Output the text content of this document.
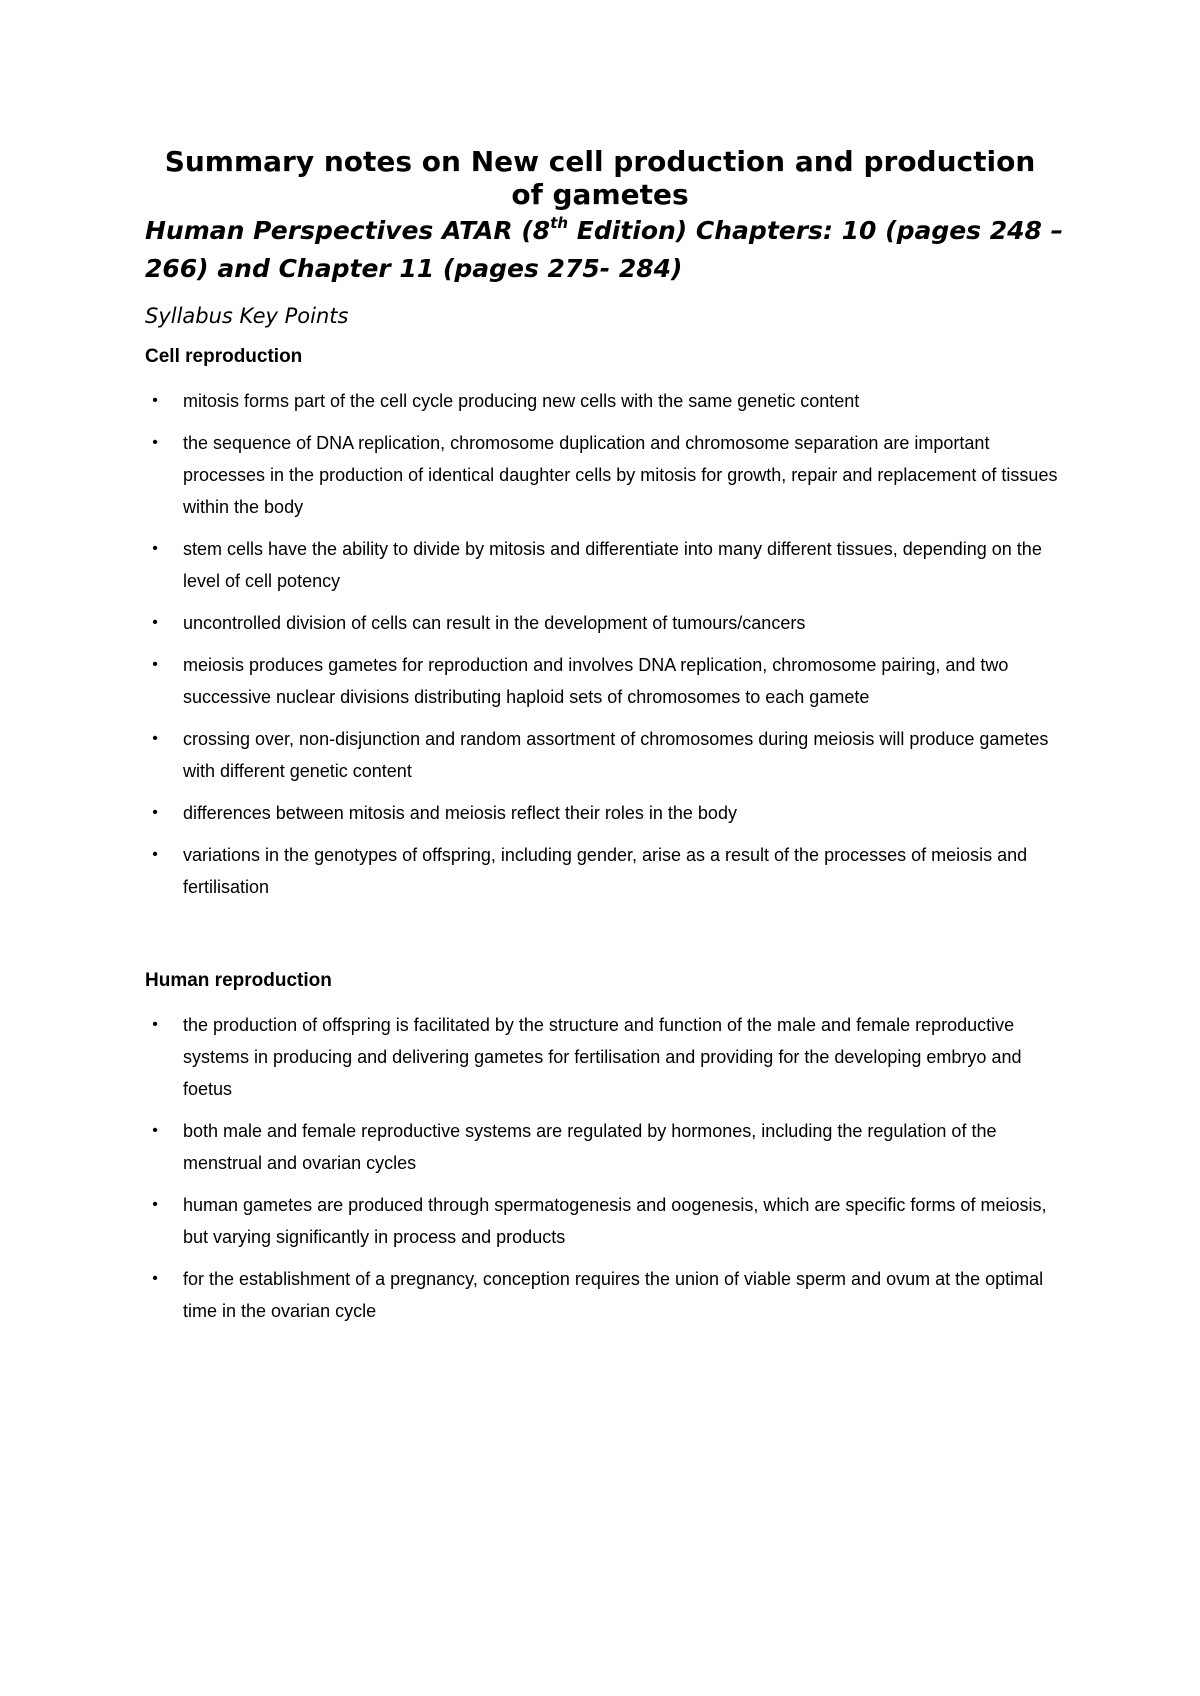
Summary notes on New cell production and production of gametes

Human Perspectives ATAR (8th Edition) Chapters: 10 (pages 248 – 266) and Chapter 11 (pages 275- 284)

Syllabus Key Points
Cell reproduction
•	mitosis forms part of the cell cycle producing new cells with the same genetic content
•	the sequence of DNA replication, chromosome duplication and chromosome separation are important processes in the production of identical daughter cells by mitosis for growth, repair and replacement of tissues within the body
•	stem cells have the ability to divide by mitosis and differentiate into many different tissues, depending on the level of cell potency
•	uncontrolled division of cells can result in the development of tumours/cancers
•	meiosis produces gametes for reproduction and involves DNA replication, chromosome pairing, and two successive nuclear divisions distributing haploid sets of chromosomes to each gamete
•	crossing over, non-disjunction and random assortment of chromosomes during meiosis will produce gametes with different genetic content
•	differences between mitosis and meiosis reflect their roles in the body
•	variations in the genotypes of offspring, including gender, arise as a result of the processes of meiosis and fertilisation
Human reproduction
•	the production of offspring is facilitated by the structure and function of the male and female reproductive systems in producing and delivering gametes for fertilisation and providing for the developing embryo and foetus
•	both male and female reproductive systems are regulated by hormones, including the regulation of the menstrual and ovarian cycles
•	human gametes are produced through spermatogenesis and oogenesis, which are specific forms of meiosis, but varying significantly in process and products
•	for the establishment of a pregnancy, conception requires the union of viable sperm and ovum at the optimal time in the ovarian cycle
